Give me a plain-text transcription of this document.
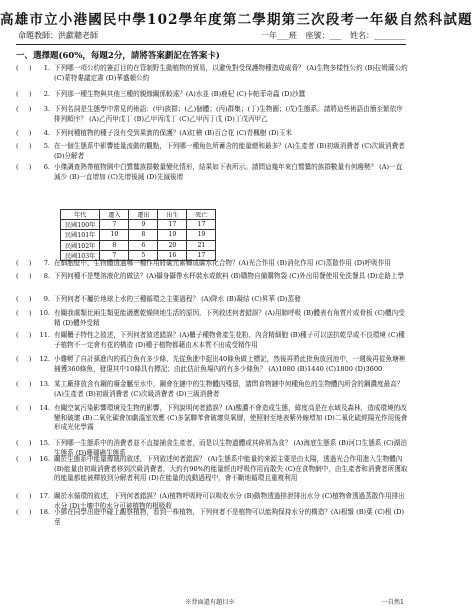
高雄市立小港國民中學102學年度第二學期第三次段考一年級自然科試題
命題教師：洪獻聰老師	一年___班 座號：___ 姓名：________
一、選擇題(60%，每題2分，請將答案劃記在答案卡)
(     )	1. 下列哪一項公約的簽訂目的在管制野生動植物的貿易，以避免對受保護物種造成威脅？ (A)生物多樣性公約 (B)拉姆薩公約 (C)蒙特婁議定書 (D)華盛頓公約
(     )	2. 下列那一種生物與其他三種的親緣關係較遠？(A)水韭 (B)鹿杞 (C)卡帕菲奇蟲 (D)沙蠶
(     )	3. 下列名詞是生態學中常見的術語：(甲)族群；(乙)個體；(丙)群集；(丁)生物圈；(戊)生態系。請將這些術語由簡至繁依序排列順序？ (A)乙丙甲戊丁 (B)乙甲丙戊丁 (C)乙甲丙丁戊 (D)丁戊丙甲乙
(     )	4. 下列何種植物的種子沒有受到果實的保護？(A)紅檜 (B)百合花 (C)青楓樹 (D)玉米
(     )	5. 在一個生態系中影響能量流動的觀點，下列哪一種角色所蓄含的能量總和最多？(A)生產者 (B)初級消費者 (C)次級消費者 (D)分解者
(     )	6. 小傑調查熱帶植物園中白鷺鷥族群數量變化情形，結果如下表所示。請問這幾年來白鷺鷥的族群數量有何趨勢？ (A)一直減少 (B)一直增加 (C)先增後減 (D)先減後增
(     )	7. 在細胞壁中，生物體透過哪一種作用將碳元素轉成碳水化合物？(A)光合作用 (B)消化作用 (C)蒸散作用 (D)呼吸作用
(     )	8. 下列何種不是雙溶液化的做法？(A)攝身攝帶水杯裝水或飲料 (B)購物自備購物袋 (C)外出用餐使用免洗餐具 (D)走路上學
(     )	9. 下列何者不屬於地球上水的三種循環之主要過程？ (A)降水 (B)凝結 (C)昇華 (D)蒸發
(     )	10. 有關我處類比兩生類更能適應乾燥陸地生活的原因，下列敘述何者錯誤？(A)用肺呼吸 (B)體表有角質片或骨板 (C)體內受精 (D)體外受精
(     )	11. 有關櫃子特性之敘述，下列何者敘述錯誤？(A)櫃子種物會產生花粉、內含精細胞 (B)種子可以送抗乾旱或不良環境 (C)種子植物不一定會有花的構造 (D)種子植物都藉由木本質不出成受精作用
(     )	12. 小雞孵了自計孫進內的孤白魚有多少條，先從魚進中捉出40條魚做上標記，然後再將此批魚放回池中，一週後再從魚塘裡捕獲360條魚，發現其中10條具有標記；由此估計魚場內的有多少條魚？ (A)1080 (B)1440 (C)1800 (D)3600
(     )	13. 某工廠排放含有鋼的廢金屬至水中，鋼會在鏈中的生物體內殘留，請問食物鏈中何種角色的生物體內所含的鋼濃度最高？(A)生產者 (B)初級消費者 (C)次級消費者 (D)三級消費者
(     )	14. 有關空氣污染影響環境及生物的影響，下列說明何者錯誤？(A)酸濃不會造成生態，緯度高是在水域及森林，造成環境的改變和破壞 (B)二氧化碳會加劇溫室效應 (C)多氯聯苯會破壞臭氧層，使照射至地表紫外線增加 (D)二氧化硫經陽光作用後會形成光化學霧
(     )	15. 下列哪一生態系中的消費者並不直接捕食生產者，而是以生物遺體或其碎屑為食？ (A)海底生態系 (B)河口生態系 (C)湖泊生態系 (D)珊瑚礁生態系
(     )	16. 關於生態系中能量傳遞的敘述，下列敘述何者錯誤？ (A)生態系中能量的來源主要是由太陽，透過光合作用進入生物體內 (B)能量由初級消費者移到次級消費者，大約有90%的能量經由呼吸作用而散失 (C)在食物網中，由生產者和消費者所獲取的能量都能被釋放到分解者利用 (D)在能量的流動過程中，會不斷地循環且重複利用
(     )	17. 關於水循環的敘述，下列何者錯誤？(A)植物呼吸時可以吸收水分 (B)動物透過排泄排出水分 (C)植物會透過蒸散作用排出水分 (D)土壤中的水分可被植物的根吸收
(     )	18. 小鄧在同學出遊中碰上觀察植物，看到一株植物，下列何者不是植物可以能夠保持水分的構造？(A)根鬚 (B)葉 (C)根 (D)莖
年代	遷入	遷出	出生	死亡
民國100年	7	9	17	17
民國101年	10	8	19	19
民國102年	8	6	20	21
民國103年	7	5	16	17
※背面還有題目※	一自然1
